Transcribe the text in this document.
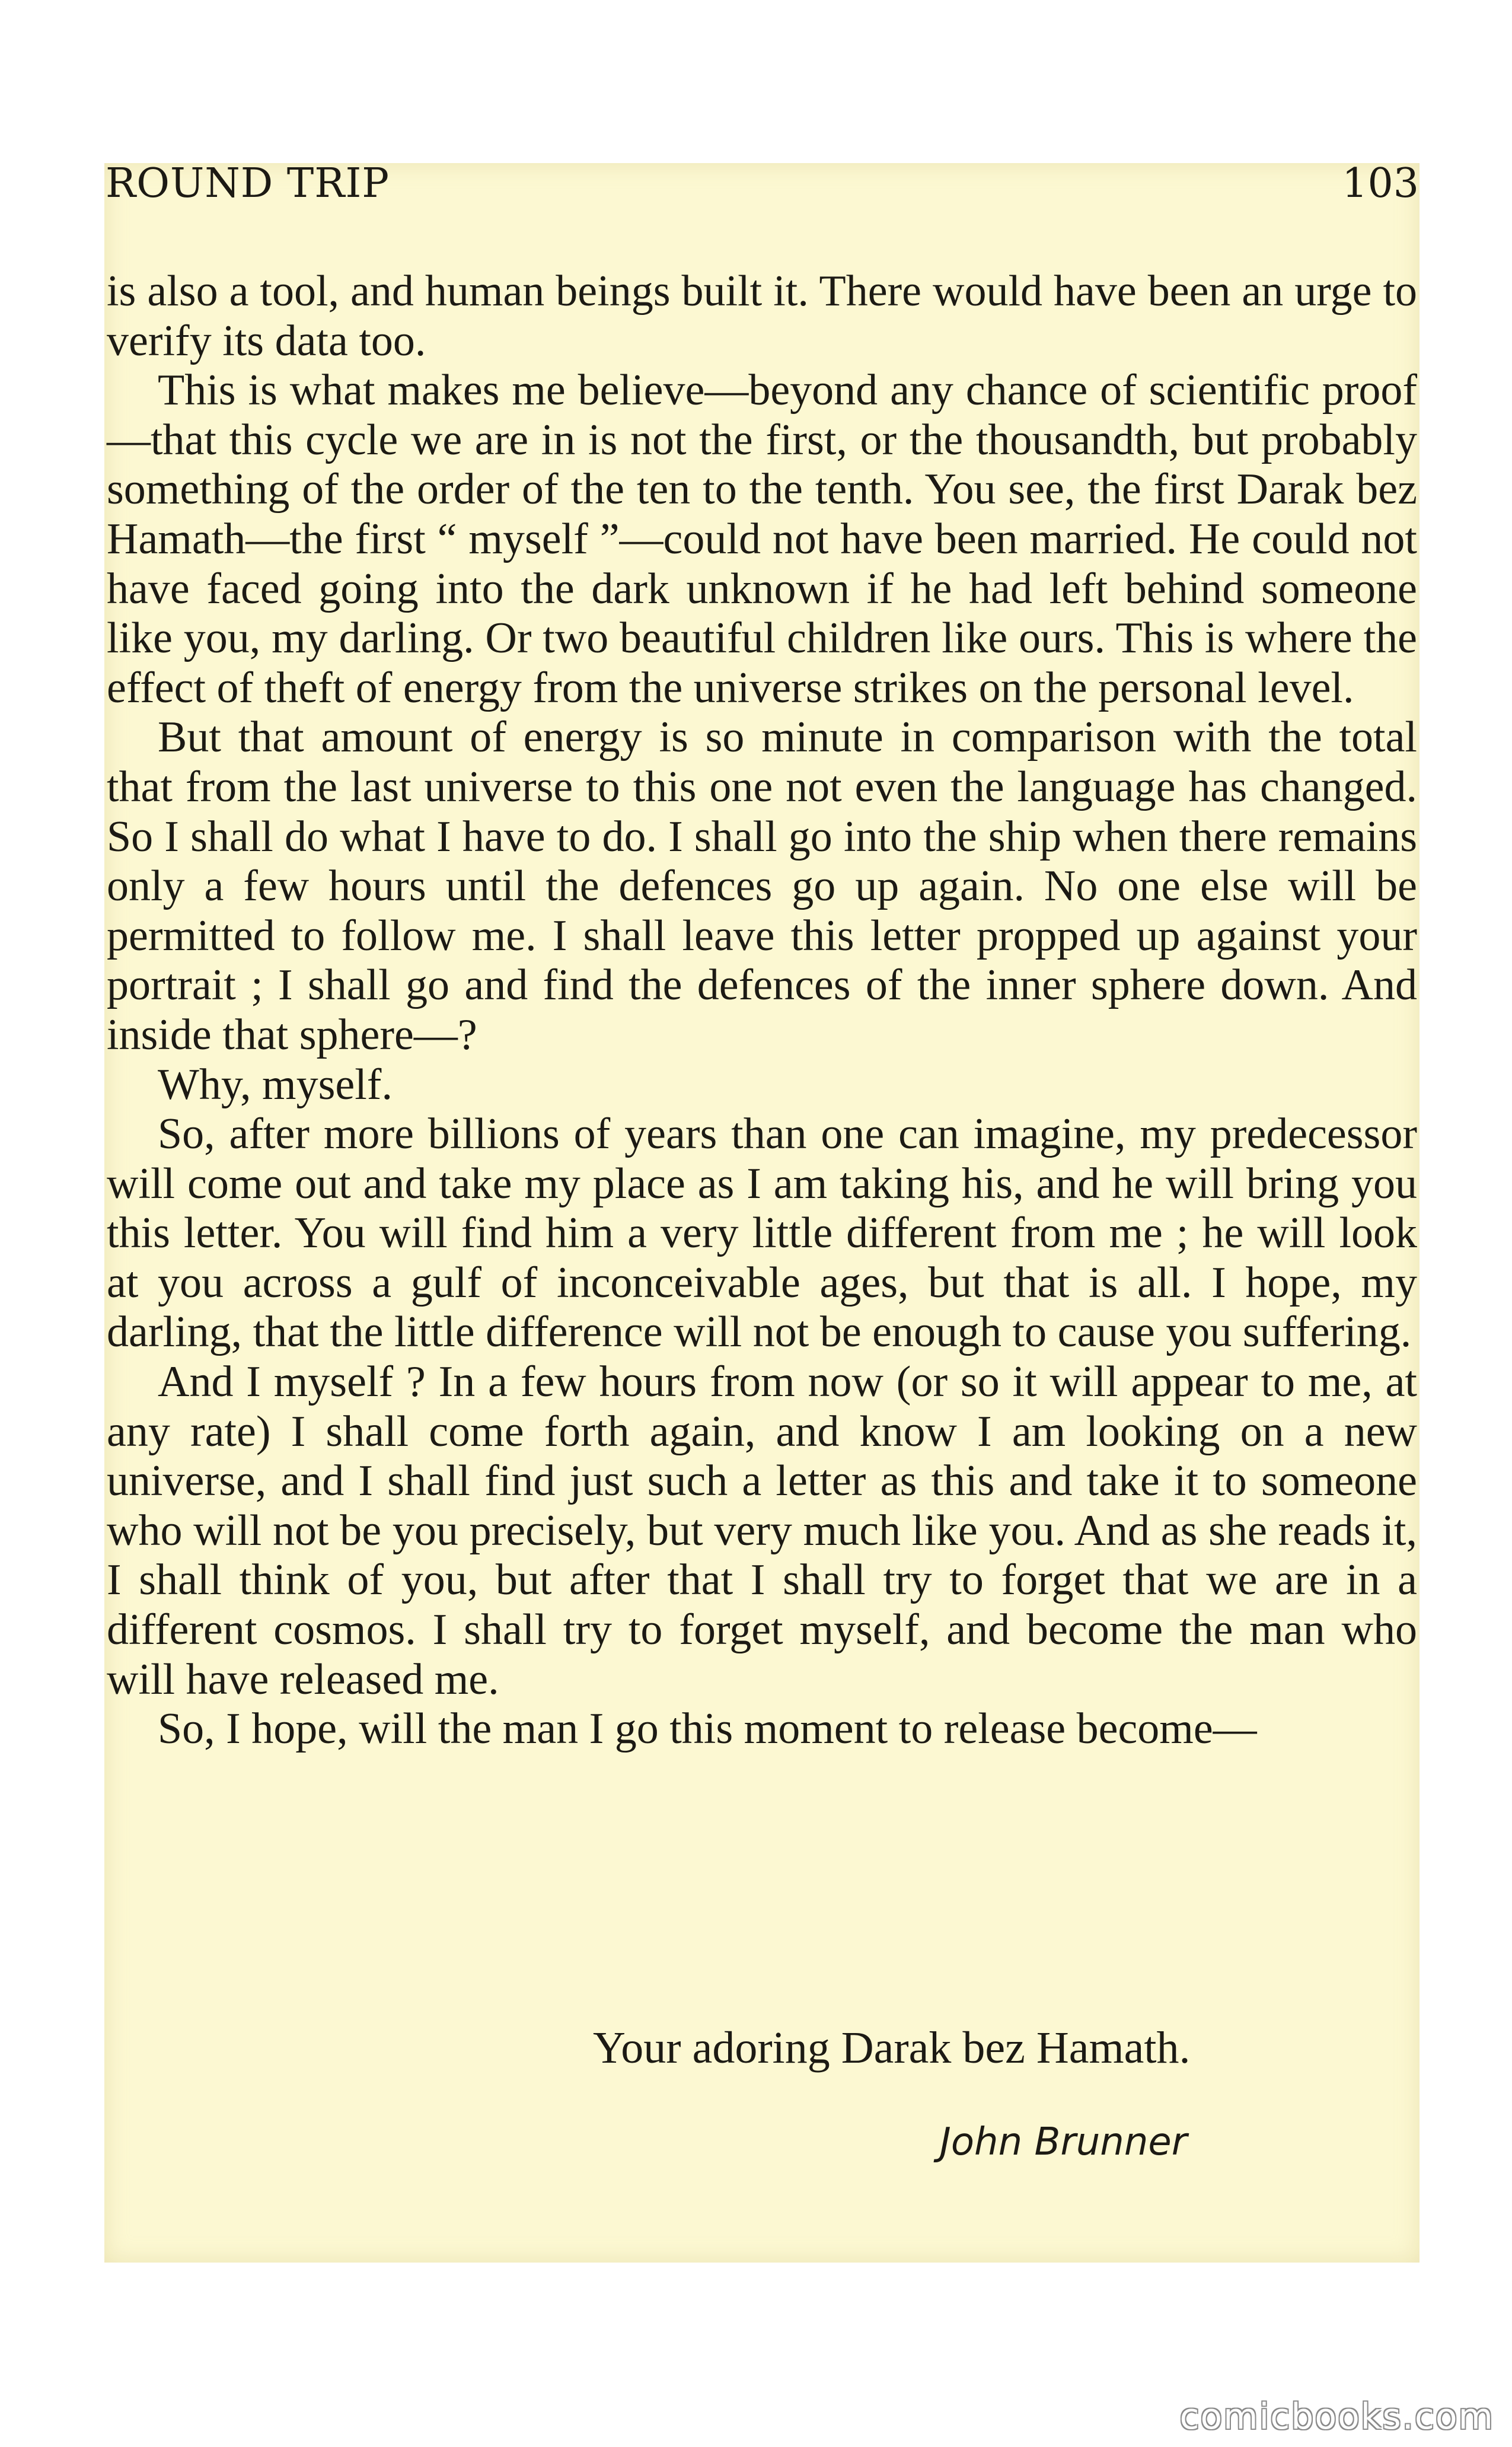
ROUND TRIP	103

is also a tool, and human beings built it. There would have been an urge to verify its data too.

This is what makes me believe—beyond any chance of scientific proof—that this cycle we are in is not the first, or the thousandth, but probably something of the order of the ten to the tenth. You see, the first Darak bez Hamath—the first “ myself ”—could not have been married. He could not have faced going into the dark unknown if he had left behind someone like you, my darling. Or two beautiful children like ours. This is where the effect of theft of energy from the universe strikes on the personal level.

But that amount of energy is so minute in comparison with the total that from the last universe to this one not even the language has changed. So I shall do what I have to do. I shall go into the ship when there remains only a few hours until the defences go up again. No one else will be permitted to follow me. I shall leave this letter propped up against your portrait ; I shall go and find the defences of the inner sphere down. And inside that sphere—?

Why, myself.

So, after more billions of years than one can imagine, my predecessor will come out and take my place as I am taking his, and he will bring you this letter. You will find him a very little different from me ; he will look at you across a gulf of inconceivable ages, but that is all. I hope, my darling, that the little difference will not be enough to cause you suffering.

And I myself ? In a few hours from now (or so it will appear to me, at any rate) I shall come forth again, and know I am looking on a new universe, and I shall find just such a letter as this and take it to someone who will not be you precisely, but very much like you. And as she reads it, I shall think of you, but after that I shall try to forget that we are in a different cosmos. I shall try to forget myself, and become the man who will have released me.

So, I hope, will the man I go this moment to release become—

Your adoring Darak bez Hamath.
John Brunner
comicbooks.com
